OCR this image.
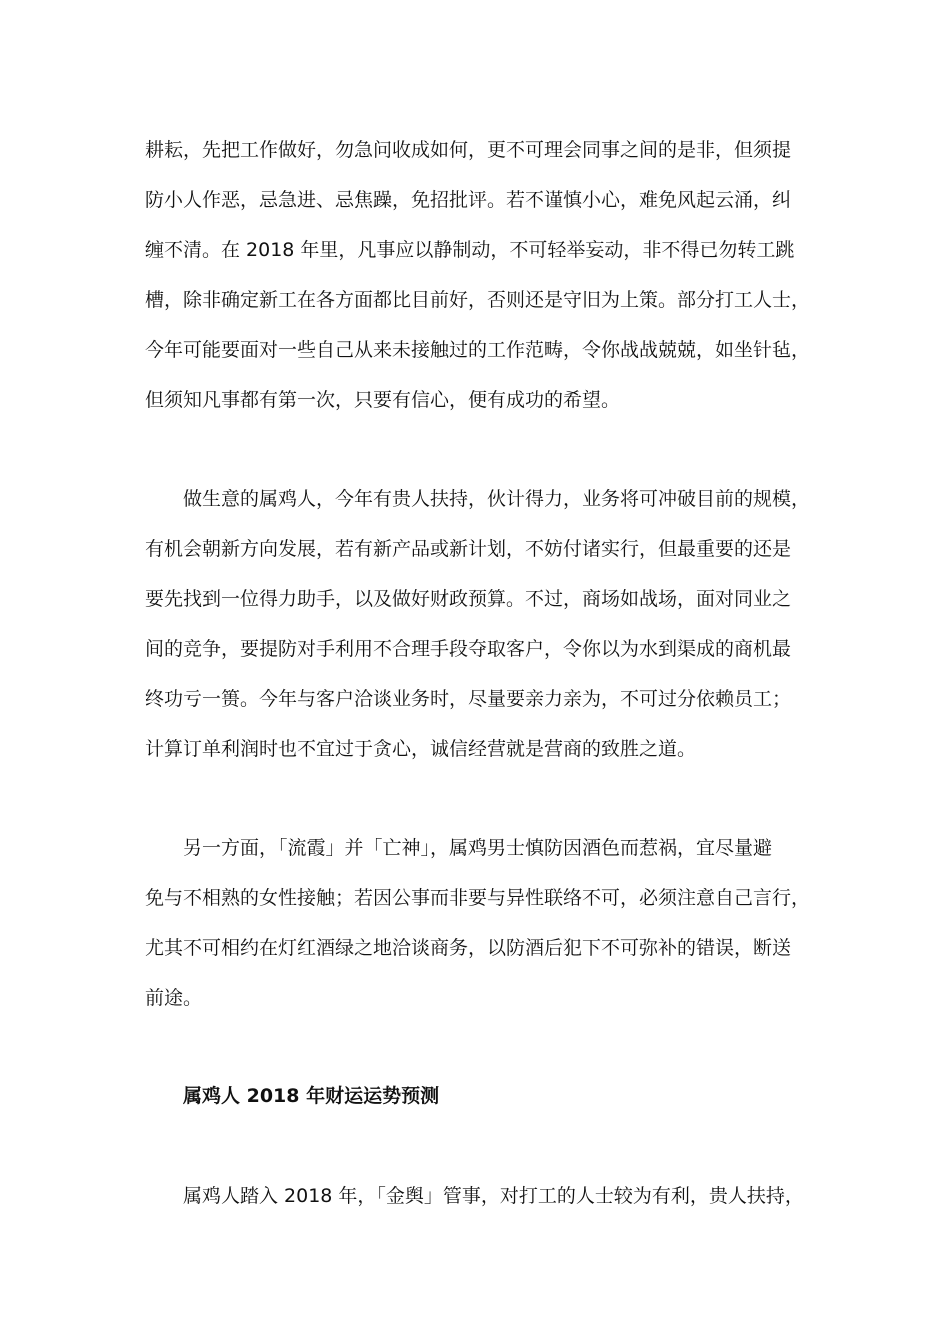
耕耘，先把工作做好，勿急问收成如何，更不可理会同事之间的是非，但须提
防小人作恶，忌急进、忌焦躁，免招批评。若不谨慎小心，难免风起云涌，纠
缠不清。在 2018 年里，凡事应以静制动，不可轻举妄动，非不得已勿转工跳
槽，除非确定新工在各方面都比目前好，否则还是守旧为上策。部分打工人士，
今年可能要面对一些自己从来未接触过的工作范畴，令你战战兢兢，如坐针毡，
但须知凡事都有第一次，只要有信心，便有成功的希望。
做生意的属鸡人，今年有贵人扶持，伙计得力，业务将可冲破目前的规模，
有机会朝新方向发展，若有新产品或新计划，不妨付诸实行，但最重要的还是
要先找到一位得力助手，以及做好财政预算。不过，商场如战场，面对同业之
间的竞争，要提防对手利用不合理手段夺取客户，令你以为水到渠成的商机最
终功亏一篑。今年与客户洽谈业务时，尽量要亲力亲为，不可过分依赖员工；
计算订单利润时也不宜过于贪心，诚信经营就是营商的致胜之道。
另一方面，「流霞」并「亡神」，属鸡男士慎防因酒色而惹祸，宜尽量避
免与不相熟的女性接触；若因公事而非要与异性联络不可，必须注意自己言行，
尤其不可相约在灯红酒绿之地洽谈商务，以防酒后犯下不可弥补的错误，断送
前途。
属鸡人 2018 年财运运势预测
属鸡人踏入 2018 年，「金舆」管事，对打工的人士较为有利，贵人扶持，
